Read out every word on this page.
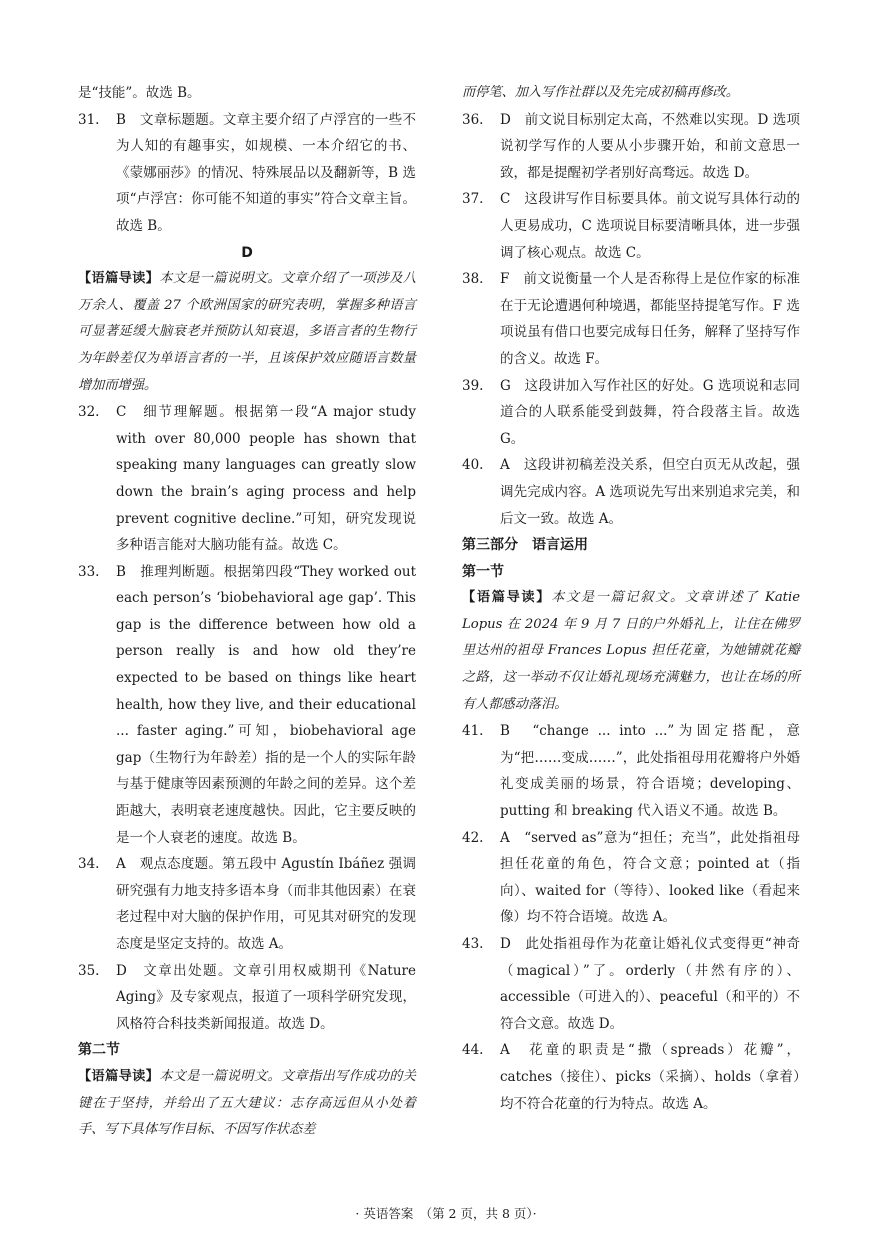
是“技能”。故选 B。

31.	B　文章标题题。文章主要介绍了卢浮宫的一些不为人知的有趣事实，如规模、一本介绍它的书、《蒙娜丽莎》的情况、特殊展品以及翻新等，B 选项“卢浮宫：你可能不知道的事实”符合文章主旨。故选 B。

D

【语篇导读】本文是一篇说明文。文章介绍了一项涉及八万余人、覆盖 27 个欧洲国家的研究表明，掌握多种语言可显著延缓大脑衰老并预防认知衰退，多语言者的生物行为年龄差仅为单语言者的一半，且该保护效应随语言数量增加而增强。

32.	C　细节理解题。根据第一段“A major study with over 80,000 people has shown that speaking many languages can greatly slow down the brain’s aging process and help prevent cognitive decline.”可知，研究发现说多种语言能对大脑功能有益。故选 C。
33.	B　推理判断题。根据第四段“They worked out each person’s ‘biobehavioral age gap’. This gap is the difference between how old a person really is and how old they’re expected to be based on things like heart health, how they live, and their educational ... faster aging.”可知，biobehavioral age gap（生物行为年龄差）指的是一个人的实际年龄与基于健康等因素预测的年龄之间的差异。这个差距越大，表明衰老速度越快。因此，它主要反映的是一个人衰老的速度。故选 B。
34.	A　观点态度题。第五段中 Agustín Ibáñez 强调研究强有力地支持多语本身（而非其他因素）在衰老过程中对大脑的保护作用，可见其对研究的发现态度是坚定支持的。故选 A。
35.	D　文章出处题。文章引用权威期刊《Nature Aging》及专家观点，报道了一项科学研究发现，风格符合科技类新闻报道。故选 D。

第二节

【语篇导读】本文是一篇说明文。文章指出写作成功的关键在于坚持，并给出了五大建议：志存高远但从小处着手、写下具体写作目标、不因写作状态差

而停笔、加入写作社群以及先完成初稿再修改。

36.	D　前文说目标别定太高，不然难以实现。D 选项说初学写作的人要从小步骤开始，和前文意思一致，都是提醒初学者别好高骛远。故选 D。
37.	C　这段讲写作目标要具体。前文说写具体行动的人更易成功，C 选项说目标要清晰具体，进一步强调了核心观点。故选 C。
38.	F　前文说衡量一个人是否称得上是位作家的标准在于无论遭遇何种境遇，都能坚持提笔写作。F 选项说虽有借口也要完成每日任务，解释了坚持写作的含义。故选 F。
39.	G　这段讲加入写作社区的好处。G 选项说和志同道合的人联系能受到鼓舞，符合段落主旨。故选 G。
40.	A　这段讲初稿差没关系，但空白页无从改起，强调先完成内容。A 选项说先写出来别追求完美，和后文一致。故选 A。

第三部分　语言运用

第一节

【语篇导读】本文是一篇记叙文。文章讲述了 Katie Lopus 在 2024 年 9 月 7 日的户外婚礼上，让住在佛罗里达州的祖母 Frances Lopus 担任花童，为她铺就花瓣之路，这一举动不仅让婚礼现场充满魅力，也让在场的所有人都感动落泪。

41.	B　“change ... into ...”为固定搭配，意为“把……变成……”，此处指祖母用花瓣将户外婚礼变成美丽的场景，符合语境；developing、putting 和 breaking 代入语义不通。故选 B。
42.	A　“served as”意为“担任；充当”，此处指祖母担任花童的角色，符合文意；pointed at（指向）、waited for（等待）、looked like（看起来像）均不符合语境。故选 A。
43.	D　此处指祖母作为花童让婚礼仪式变得更“神奇（magical）”了。orderly（井然有序的）、accessible（可进入的）、peaceful（和平的）不符合文意。故选 D。
44.	A　花童的职责是“撒（spreads）花瓣”，catches（接住）、picks（采摘）、holds（拿着）均不符合花童的行为特点。故选 A。
· 英语答案　（第 2 页，共 8 页）·
